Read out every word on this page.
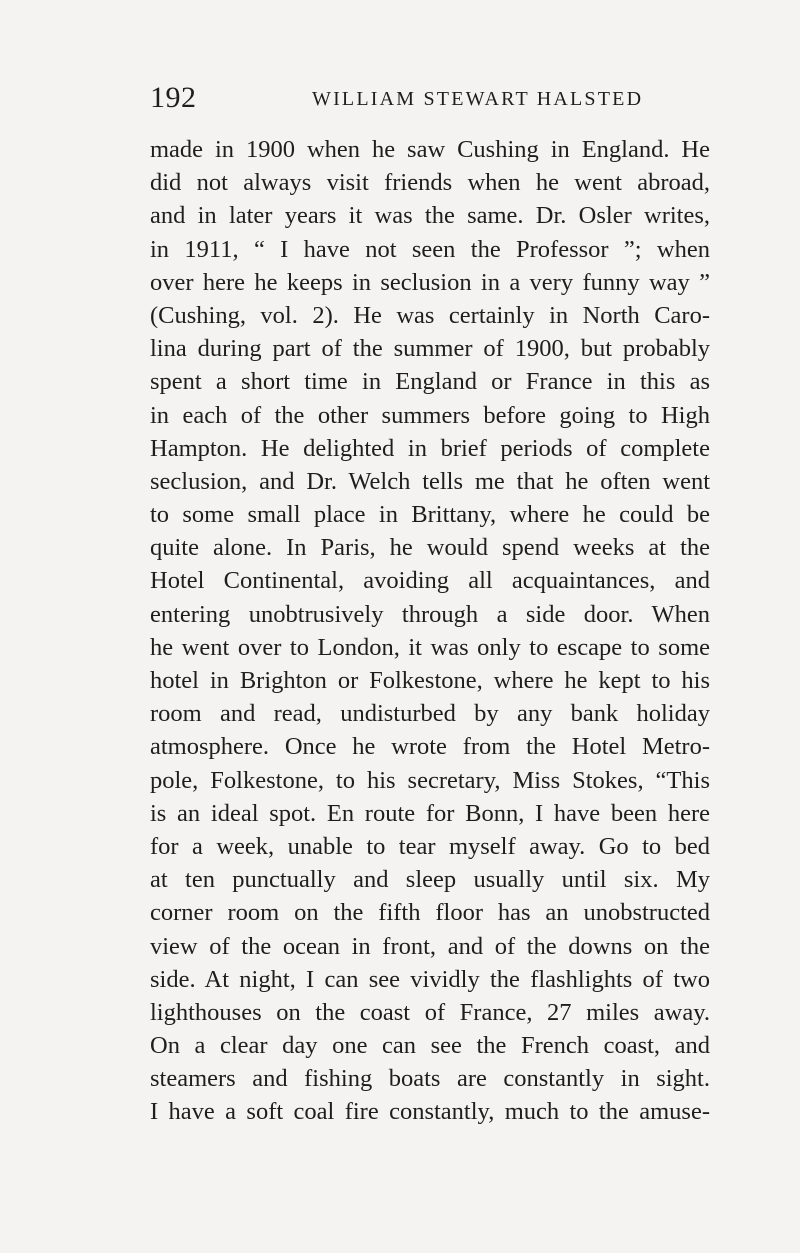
192	WILLIAM STEWART HALSTED
made in 1900 when he saw Cushing in England. He
did not always visit friends when he went abroad,
and in later years it was the same. Dr. Osler writes,
in 1911, “ I have not seen the Professor ”; when
over here he keeps in seclusion in a very funny way ”
(Cushing, vol. 2). He was certainly in North Caro-
lina during part of the summer of 1900, but probably
spent a short time in England or France in this as
in each of the other summers before going to High
Hampton. He delighted in brief periods of complete
seclusion, and Dr. Welch tells me that he often went
to some small place in Brittany, where he could be
quite alone. In Paris, he would spend weeks at the
Hotel Continental, avoiding all acquaintances, and
entering unobtrusively through a side door. When
he went over to London, it was only to escape to some
hotel in Brighton or Folkestone, where he kept to his
room and read, undisturbed by any bank holiday
atmosphere. Once he wrote from the Hotel Metro-
pole, Folkestone, to his secretary, Miss Stokes, “This
is an ideal spot. En route for Bonn, I have been here
for a week, unable to tear myself away. Go to bed
at ten punctually and sleep usually until six. My
corner room on the fifth floor has an unobstructed
view of the ocean in front, and of the downs on the
side. At night, I can see vividly the flashlights of two
lighthouses on the coast of France, 27 miles away.
On a clear day one can see the French coast, and
steamers and fishing boats are constantly in sight.
I have a soft coal fire constantly, much to the amuse-
